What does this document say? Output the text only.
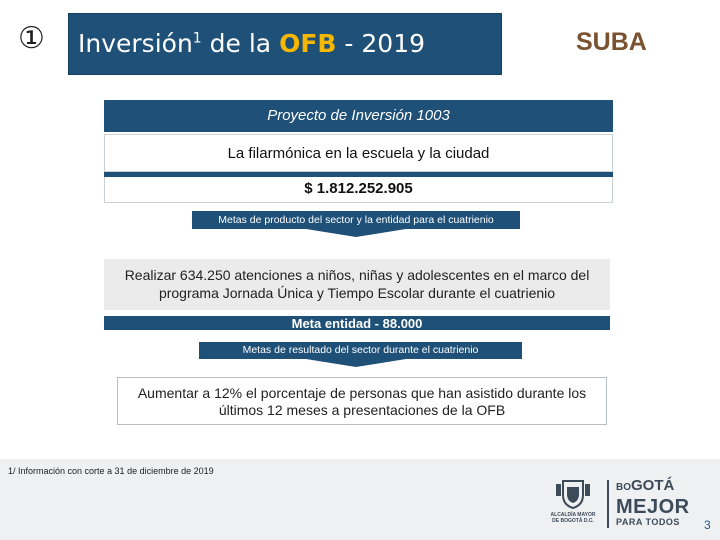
① Inversión$^1$ de la OFB - 2019	SUBA
Proyecto de Inversión 1003
La filarmónica en la escuela y la ciudad
$ 1.812.252.905
Metas de producto del sector y la entidad para el cuatrienio
Realizar 634.250 atenciones a niños, niñas y adolescentes en el marco del
programa Jornada Única y Tiempo Escolar durante el cuatrienio
Meta entidad - 88.000
Metas de resultado del sector durante el cuatrienio
Aumentar a 12% el porcentaje de personas que han asistido durante los
últimos 12 meses a presentaciones de la OFB
1/ Información con corte a 31 de diciembre de 2019
ALCALDÍA MAYOR
DE BOGOTÁ D.C.
BOGOTÁ
MEJOR
PARA TODOS 3
